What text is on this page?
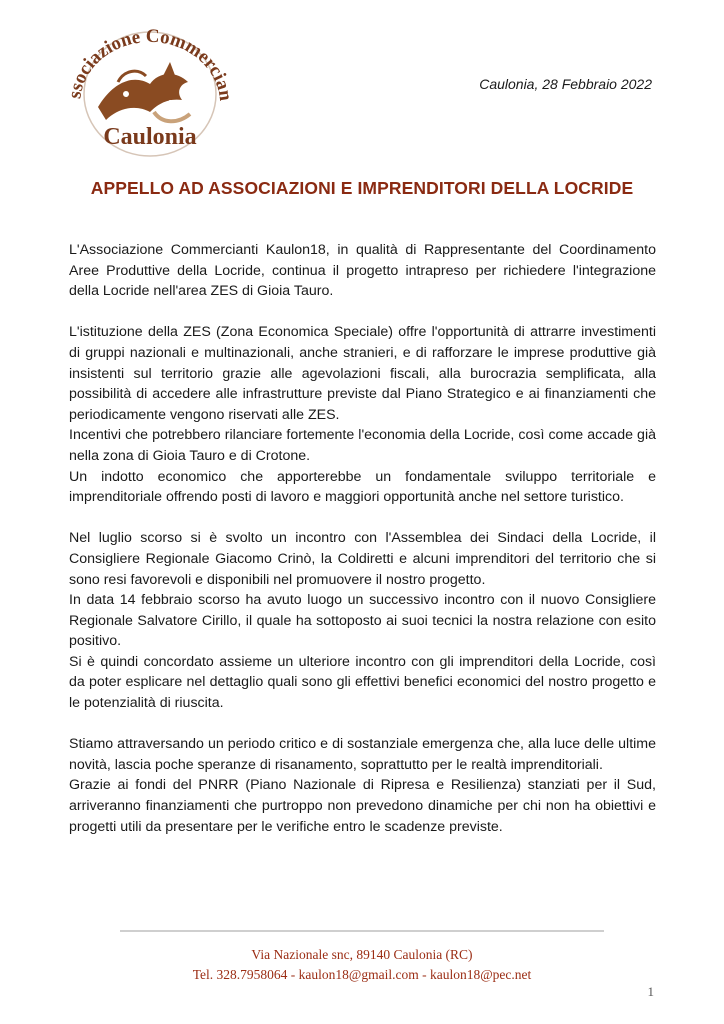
ssociazione Commercian
Kaulon18
Caulonia
Caulonia, 28 Febbraio 2022
APPELLO AD ASSOCIAZIONI E IMPRENDITORI DELLA LOCRIDE

L'Associazione Commercianti Kaulon18, in qualità di Rappresentante del Coordinamento Aree Produttive della Locride, continua il progetto intrapreso per richiedere l'integrazione della Locride nell'area ZES di Gioia Tauro.

L'istituzione della ZES (Zona Economica Speciale) offre l'opportunità di attrarre investimenti di gruppi nazionali e multinazionali, anche stranieri, e di rafforzare le imprese produttive già insistenti sul territorio grazie alle agevolazioni fiscali, alla burocrazia semplificata, alla possibilità di accedere alle infrastrutture previste dal Piano Strategico e ai finanziamenti che periodicamente vengono riservati alle ZES.

Incentivi che potrebbero rilanciare fortemente l'economia della Locride, così come accade già nella zona di Gioia Tauro e di Crotone.

Un indotto economico che apporterebbe un fondamentale sviluppo territoriale e imprenditoriale offrendo posti di lavoro e maggiori opportunità anche nel settore turistico.

Nel luglio scorso si è svolto un incontro con l'Assemblea dei Sindaci della Locride, il Consigliere Regionale Giacomo Crinò, la Coldiretti e alcuni imprenditori del territorio che si sono resi favorevoli e disponibili nel promuovere il nostro progetto.

In data 14 febbraio scorso ha avuto luogo un successivo incontro con il nuovo Consigliere Regionale Salvatore Cirillo, il quale ha sottoposto ai suoi tecnici la nostra relazione con esito positivo.

Si è quindi concordato assieme un ulteriore incontro con gli imprenditori della Locride, così da poter esplicare nel dettaglio quali sono gli effettivi benefici economici del nostro progetto e le potenzialità di riuscita.

Stiamo attraversando un periodo critico e di sostanziale emergenza che, alla luce delle ultime novità, lascia poche speranze di risanamento, soprattutto per le realtà imprenditoriali.

Grazie ai fondi del PNRR (Piano Nazionale di Ripresa e Resilienza) stanziati per il Sud, arriveranno finanziamenti che purtroppo non prevedono dinamiche per chi non ha obiettivi e progetti utili da presentare per le verifiche entro le scadenze previste.

Via Nazionale snc, 89140 Caulonia (RC)
Tel. 328.7958064 - kaulon18@gmail.com - kaulon18@pec.net
1
